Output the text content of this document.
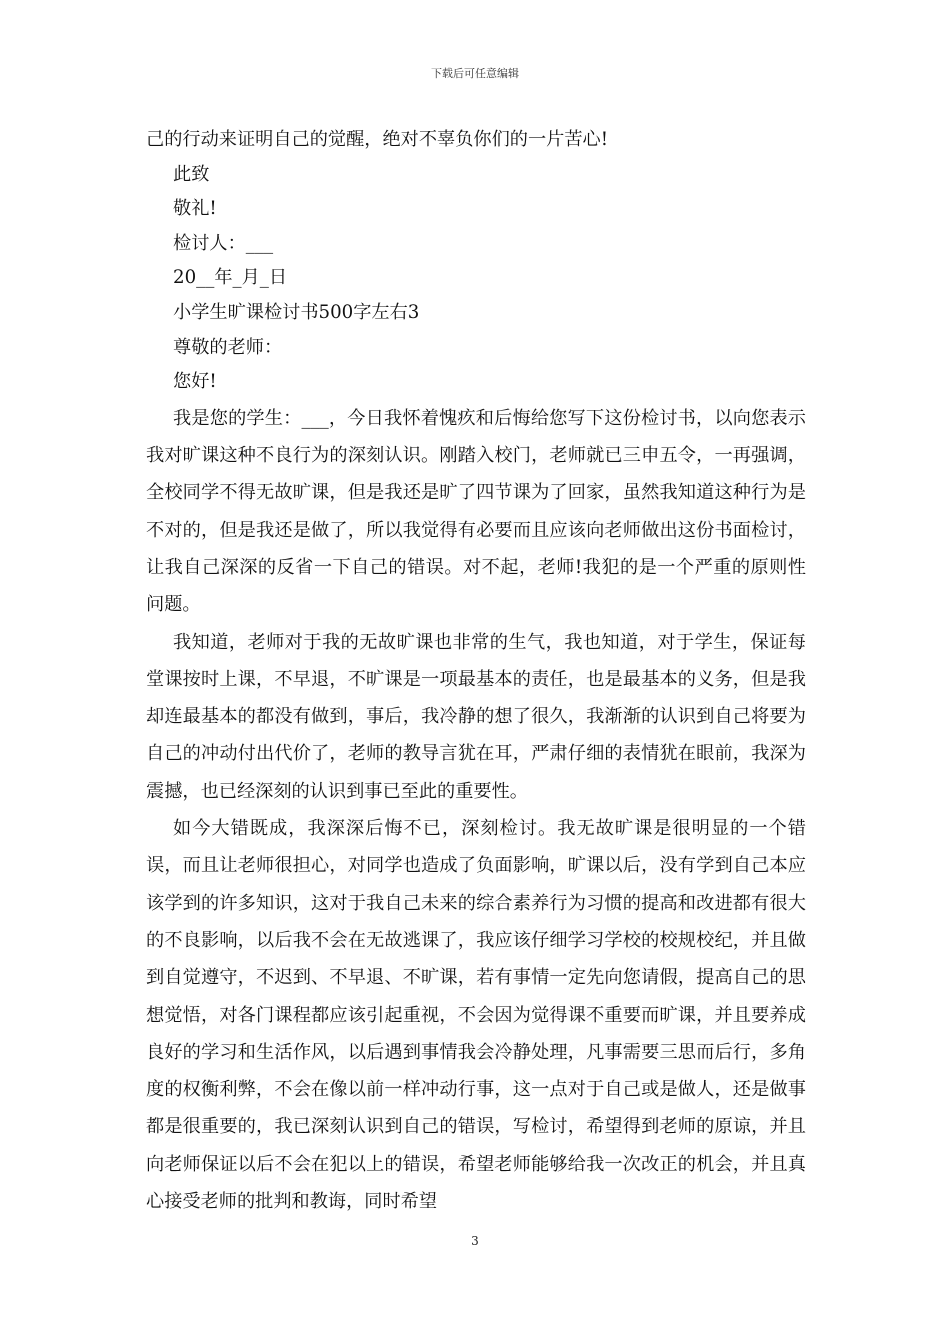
下载后可任意编辑
己的行动来证明自己的觉醒，绝对不辜负你们的一片苦心!
此致
敬礼!
检讨人：___
20__年_月_日
小学生旷课检讨书500字左右3
尊敬的老师：
您好!

我是您的学生：___，今日我怀着愧疚和后悔给您写下这份检讨书，以向您表示我对旷课这种不良行为的深刻认识。刚踏入校门，老师就已三申五令，一再强调，全校同学不得无故旷课，但是我还是旷了四节课为了回家，虽然我知道这种行为是不对的，但是我还是做了，所以我觉得有必要而且应该向老师做出这份书面检讨，让我自己深深的反省一下自己的错误。对不起，老师!我犯的是一个严重的原则性问题。

我知道，老师对于我的无故旷课也非常的生气，我也知道，对于学生，保证每堂课按时上课，不早退，不旷课是一项最基本的责任，也是最基本的义务，但是我却连最基本的都没有做到，事后，我冷静的想了很久，我渐渐的认识到自己将要为自己的冲动付出代价了，老师的教导言犹在耳，严肃仔细的表情犹在眼前，我深为震撼，也已经深刻的认识到事已至此的重要性。

如今大错既成，我深深后悔不已，深刻检讨。我无故旷课是很明显的一个错误，而且让老师很担心，对同学也造成了负面影响，旷课以后，没有学到自己本应该学到的许多知识，这对于我自己未来的综合素养行为习惯的提高和改进都有很大的不良影响，以后我不会在无故逃课了，我应该仔细学习学校的校规校纪，并且做到自觉遵守，不迟到、不早退、不旷课，若有事情一定先向您请假，提高自己的思想觉悟，对各门课程都应该引起重视，不会因为觉得课不重要而旷课，并且要养成良好的学习和生活作风，以后遇到事情我会冷静处理，凡事需要三思而后行，多角度的权衡利弊，不会在像以前一样冲动行事，这一点对于自己或是做人，还是做事都是很重要的，我已深刻认识到自己的错误，写检讨，希望得到老师的原谅，并且向老师保证以后不会在犯以上的错误，希望老师能够给我一次改正的机会，并且真心接受老师的批判和教诲，同时希望

3
